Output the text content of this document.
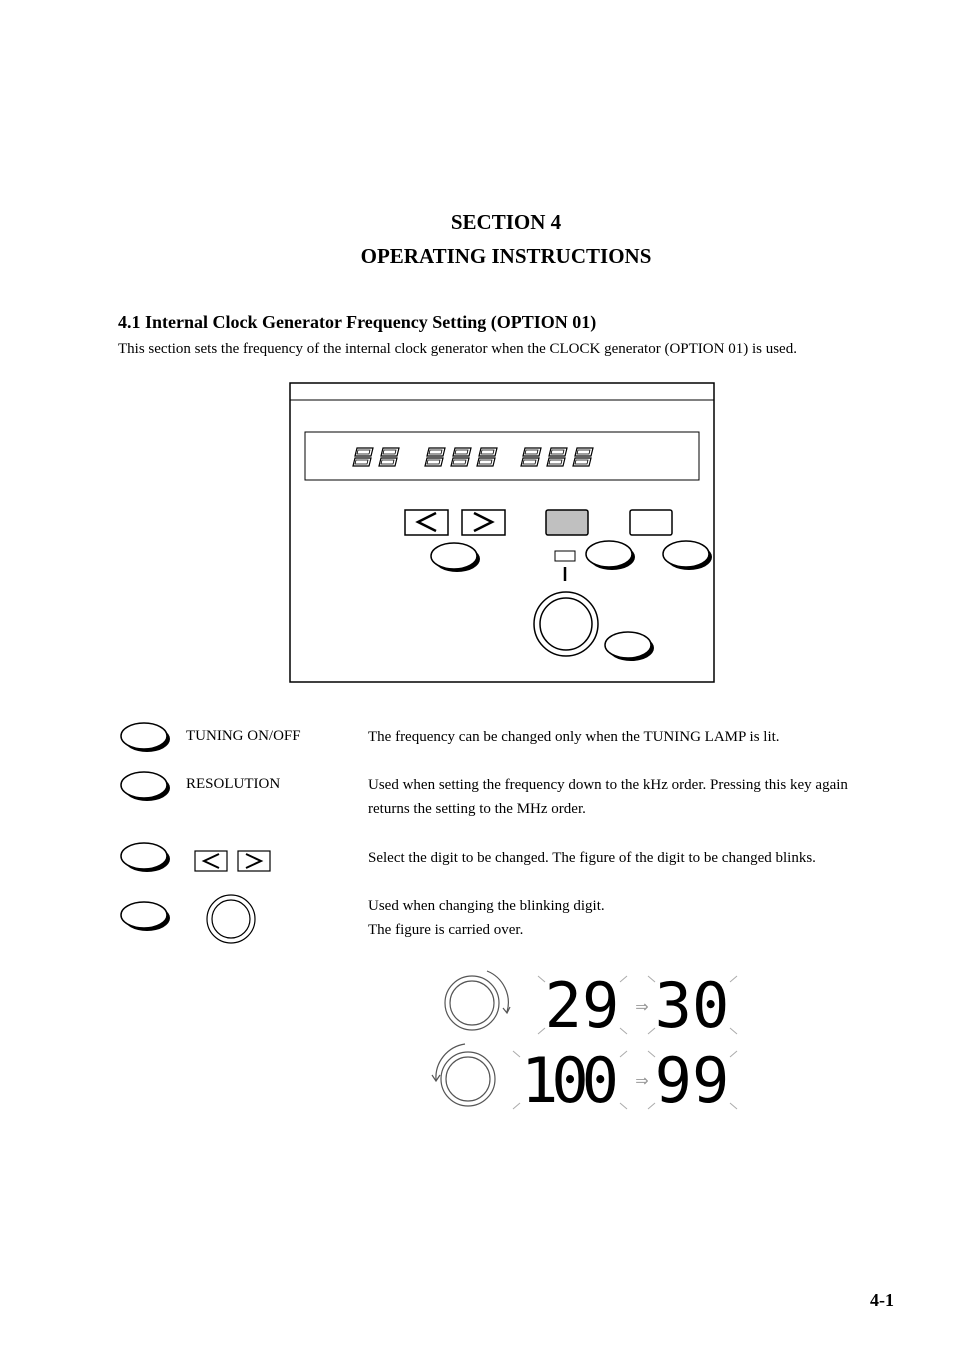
SECTION 4
OPERATING INSTRUCTIONS
4.1 Internal Clock Generator Frequency Setting (OPTION 01)
This section sets the frequency of the internal clock generator when the CLOCK generator (OPTION 01) is used.
TUNING ON/OFF	The frequency can be changed only when the TUNING LAMP is lit.
RESOLUTION	Used when setting the frequency down to the kHz order. Pressing this key again
returns the setting to the MHz order.
Select the digit to be changed. The figure of the digit to be changed blinks.
Used when changing the blinking digit.
The figure is carried over.
29 ⇒ 30
100 ⇒ 99
4-1
